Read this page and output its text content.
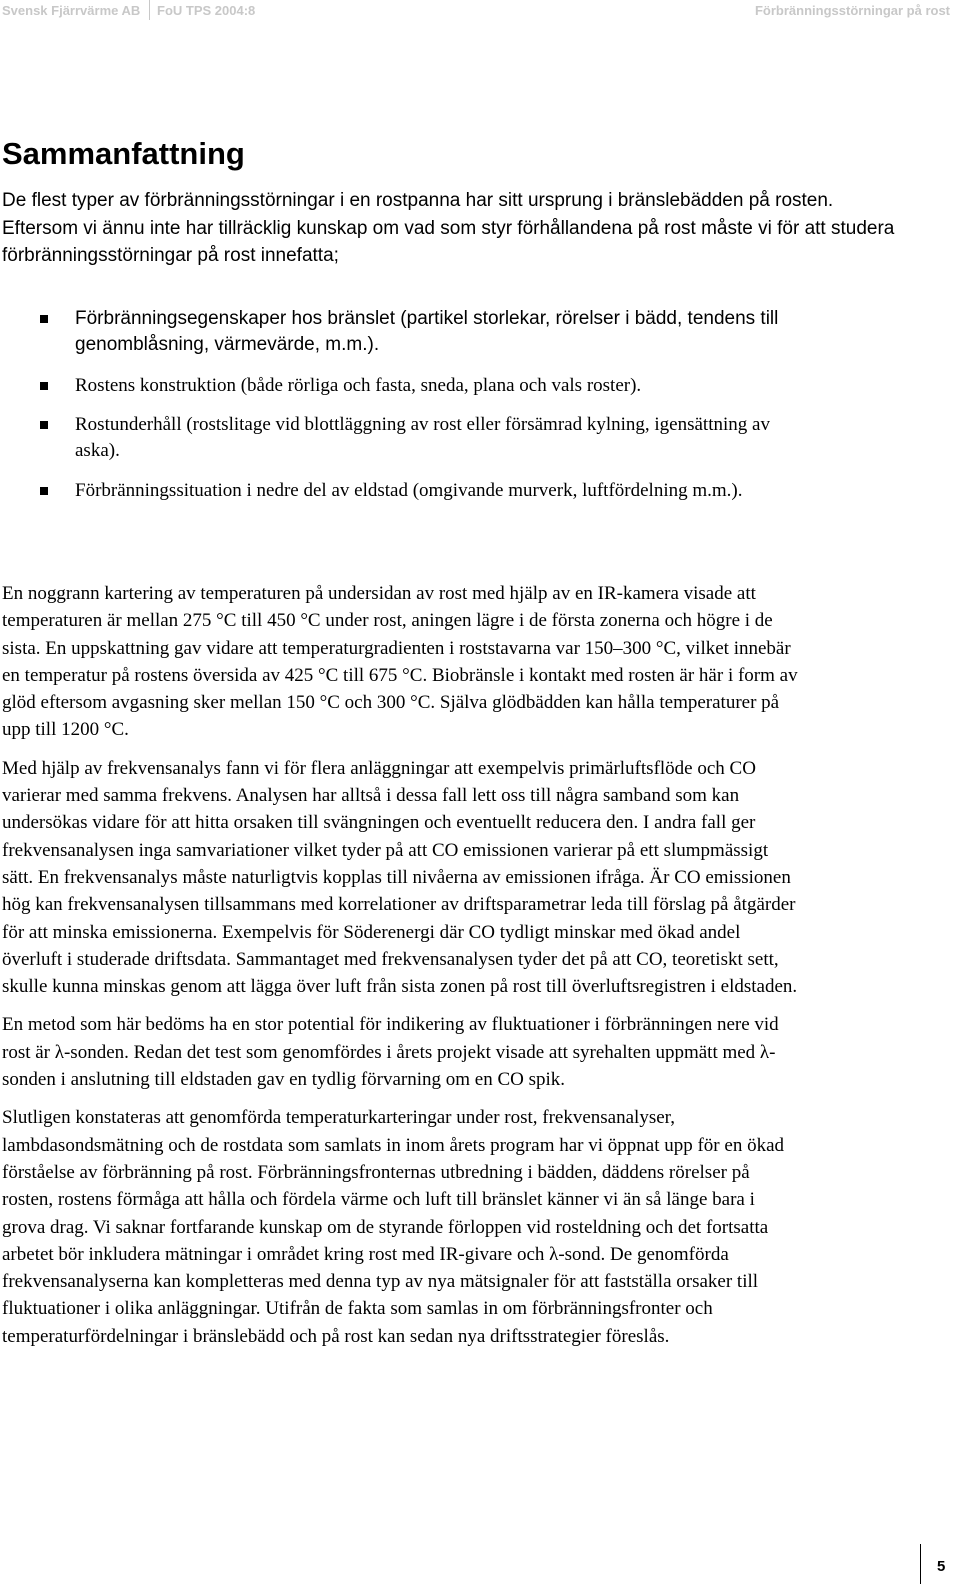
Svensk Fjärrvärme AB FoU TPS 2004:8	Förbränningsstörningar på rost
Sammanfattning

De flest typer av förbränningsstörningar i en rostpanna har sitt ursprung i bränslebädden på rosten. Eftersom vi ännu inte har tillräcklig kunskap om vad som styr förhållandena på rost måste vi för att studera förbränningsstörningar på rost innefatta;

Förbränningsegenskaper hos bränslet (partikel storlekar, rörelser i bädd, tendens till genomblåsning, värmevärde, m.m.).
Rostens konstruktion (både rörliga och fasta, sneda, plana och vals roster).
Rostunderhåll (rostslitage vid blottläggning av rost eller försämrad kylning, igensättning av aska).
Förbränningssituation i nedre del av eldstad (omgivande murverk, luftfördelning m.m.).

En noggrann kartering av temperaturen på undersidan av rost med hjälp av en IR-kamera visade att temperaturen är mellan 275 °C till 450 °C under rost, aningen lägre i de första zonerna och högre i de sista. En uppskattning gav vidare att temperaturgradienten i roststavarna var 150–300 °C, vilket innebär en temperatur på rostens översida av 425 °C till 675 °C. Biobränsle i kontakt med rosten är här i form av glöd eftersom avgasning sker mellan 150 °C och 300 °C. Själva glödbädden kan hålla temperaturer på upp till 1200 °C.

Med hjälp av frekvensanalys fann vi för flera anläggningar att exempelvis primärluftsflöde och CO varierar med samma frekvens. Analysen har alltså i dessa fall lett oss till några samband som kan undersökas vidare för att hitta orsaken till svängningen och eventuellt reducera den. I andra fall ger frekvensanalysen inga samvariationer vilket tyder på att CO emissionen varierar på ett slumpmässigt sätt. En frekvensanalys måste naturligtvis kopplas till nivåerna av emissionen ifråga. Är CO emissionen hög kan frekvensanalysen tillsammans med korrelationer av driftsparametrar leda till förslag på åtgärder för att minska emissionerna. Exempelvis för Söderenergi där CO tydligt minskar med ökad andel överluft i studerade driftsdata. Sammantaget med frekvensanalysen tyder det på att CO, teoretiskt sett, skulle kunna minskas genom att lägga över luft från sista zonen på rost till överluftsregistren i eldstaden.

En metod som här bedöms ha en stor potential för indikering av fluktuationer i förbränningen nere vid rost är λ-sonden. Redan det test som genomfördes i årets projekt visade att syrehalten uppmätt med λ-sonden i anslutning till eldstaden gav en tydlig förvarning om en CO spik.

Slutligen konstateras att genomförda temperaturkarteringar under rost, frekvensanalyser, lambdasondsmätning och de rostdata som samlats in inom årets program har vi öppnat upp för en ökad förståelse av förbränning på rost. Förbränningsfronternas utbredning i bädden, däddens rörelser på rosten, rostens förmåga att hålla och fördela värme och luft till bränslet känner vi än så länge bara i grova drag. Vi saknar fortfarande kunskap om de styrande förloppen vid rosteldning och det fortsatta arbetet bör inkludera mätningar i området kring rost med IR-givare och λ-sond. De genomförda frekvensanalyserna kan kompletteras med denna typ av nya mätsignaler för att fastställa orsaker till fluktuationer i olika anläggningar. Utifrån de fakta som samlas in om förbränningsfronter och temperaturfördelningar i bränslebädd och på rost kan sedan nya driftsstrategier föreslås.

5
